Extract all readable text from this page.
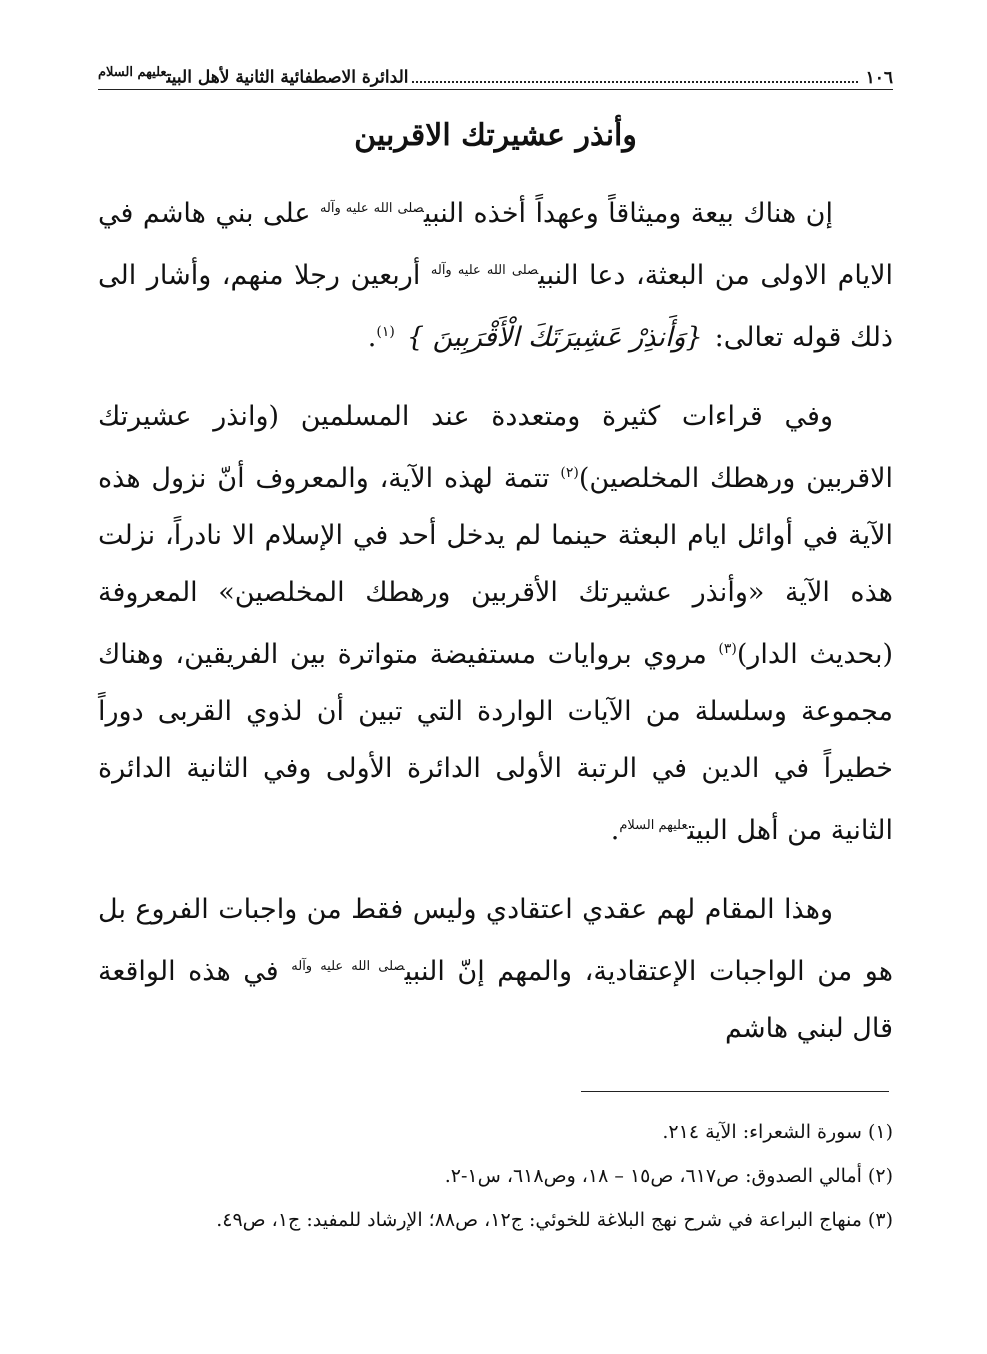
١٠٦
الدائرة الاصطفائية الثانية لأهل البيت$^{عليهم السلام}$
وأنذر عشيرتك الاقربين

إن هناك بيعة وميثاقاً وعهداً أخذه النبي$^{صلى الله عليه وآله}$ على بني هاشم في الايام الاولى من البعثة، دعا النبي$^{صلى الله عليه وآله}$ أربعين رجلا منهم، وأشار الى ذلك قوله تعالى:{وَأَنذِرْ عَشِيرَتَكَ الْأَقْرَبِينَ }$^{(١)}$.

وفي قراءات كثيرة ومتعددة عند المسلمين (وانذر عشيرتك الاقربين ورهطك المخلصين)$^{(٢)}$ تتمة لهذه الآية، والمعروف أنّ نزول هذه الآية في أوائل ايام البعثة حينما لم يدخل أحد في الإسلام الا نادراً، نزلت هذه الآية «وأنذر عشيرتك الأقربين ورهطك المخلصين» المعروفة (بحديث الدار)$^{(٣)}$ مروي بروايات مستفيضة متواترة بين الفريقين، وهناك مجموعة وسلسلة من الآيات الواردة التي تبين أن لذوي القربى دوراً خطيراً في الدين في الرتبة الأولى الدائرة الأولى وفي الثانية الدائرة الثانية من أهل البيت$^{عليهم السلام}$.

وهذا المقام لهم عقدي اعتقادي وليس فقط من واجبات الفروع بل هو من الواجبات الإعتقادية، والمهم إنّ النبي$^{صلى الله عليه وآله}$ في هذه الواقعة قال لبني هاشم

(١) سورة الشعراء: الآية ٢١٤.

(٢) أمالي الصدوق: ص٦١٧، ص١٥ – ١٨، وص٦١٨، س١-٢.

(٣) منهاج البراعة في شرح نهج البلاغة للخوئي: ج١٢، ص٨٨؛ الإرشاد للمفيد: ج١، ص٤٩.
